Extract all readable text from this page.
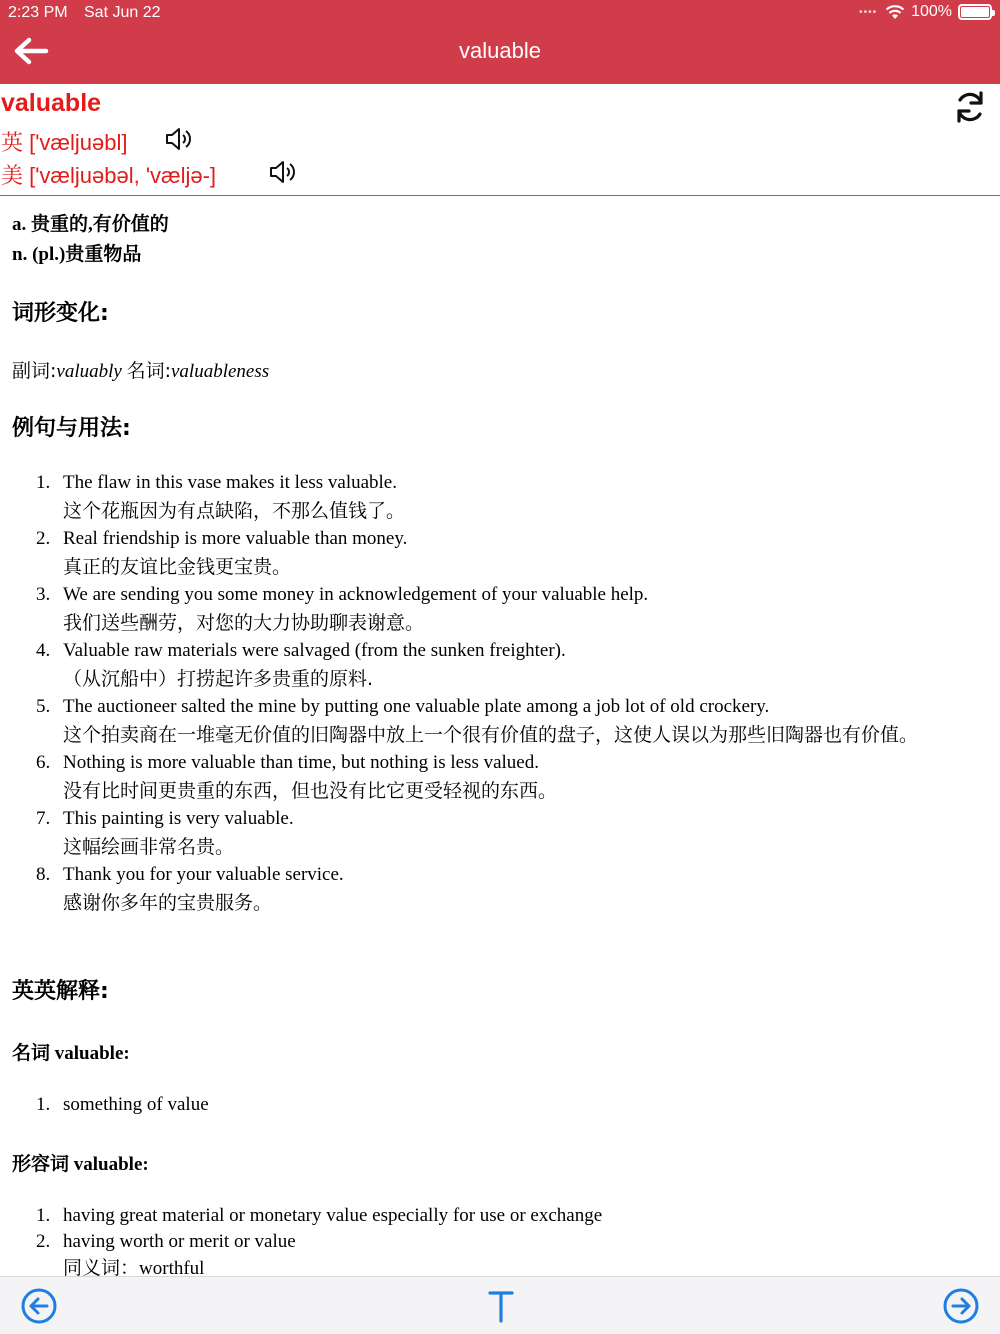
2:23 PM Sat Jun 22	•••• 100%
valuable
valuable
英 ['væljuəbl]
美 ['væljuəbəl, 'væljə-]
a. 贵重的,有价值的
n. (pl.)贵重物品
词形变化:
副词:valuably 名词:valuableness
例句与用法:
1. The flaw in this vase makes it less valuable.
这个花瓶因为有点缺陷，不那么值钱了。
2. Real friendship is more valuable than money.
真正的友谊比金钱更宝贵。
3. We are sending you some money in acknowledgement of your valuable help.
我们送些酬劳，对您的大力协助聊表谢意。
4. Valuable raw materials were salvaged (from the sunken freighter).
（从沉船中）打捞起许多贵重的原料.
5. The auctioneer salted the mine by putting one valuable plate among a job lot of old crockery.
这个拍卖商在一堆毫无价值的旧陶器中放上一个很有价值的盘子，这使人误以为那些旧陶器也有价值。
6. Nothing is more valuable than time, but nothing is less valued.
没有比时间更贵重的东西，但也没有比它更受轻视的东西。
7. This painting is very valuable.
这幅绘画非常名贵。
8. Thank you for your valuable service.
感谢你多年的宝贵服务。
英英解释:
名词 valuable:
1. something of value
形容词 valuable:
1. having great material or monetary value especially for use or exchange
2. having worth or merit or value
同义词：worthful
